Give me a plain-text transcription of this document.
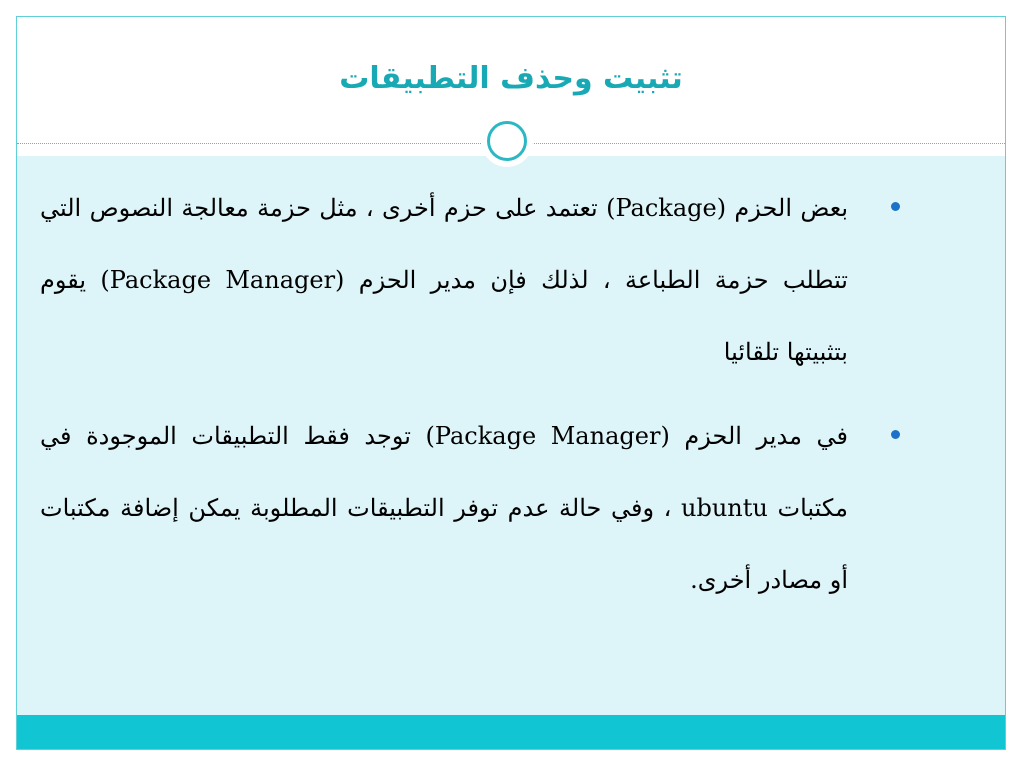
تثبيت وحذف التطبيقات
بعض الحزم (Package) تعتمد على حزم أخرى ، مثل حزمة معالجة النصوص التي تتطلب حزمة الطباعة ، لذلك فإن مدير الحزم (Package Manager) يقوم بتثبيتها تلقائيا
في مدير الحزم (Package Manager) توجد فقط التطبيقات الموجودة في مكتبات ubuntu ، وفي حالة عدم توفر التطبيقات المطلوبة يمكن إضافة مكتبات أو مصادر أخرى.
